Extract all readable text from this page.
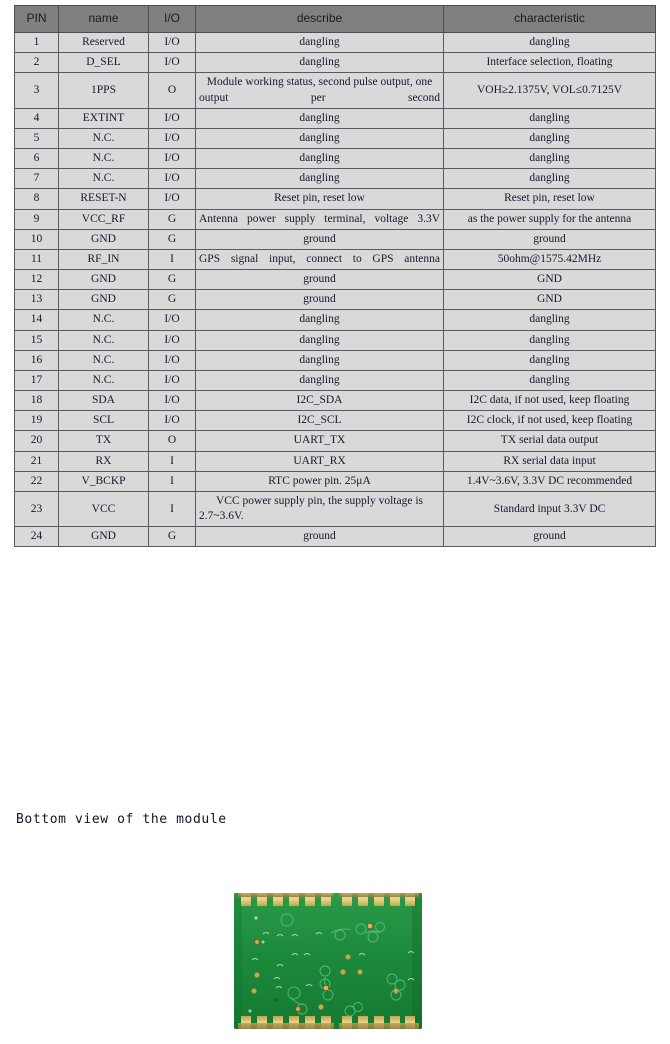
PIN	name	I/O	describe	characteristic
1	Reserved	I/O	dangling	dangling
2	D_SEL	I/O	dangling	Interface selection, floating
3	1PPS	O	Module working status, second pulse output, one output per second	VOH≥2.1375V, VOL≤0.7125V
4	EXTINT	I/O	dangling	dangling
5	N.C.	I/O	dangling	dangling
6	N.C.	I/O	dangling	dangling
7	N.C.	I/O	dangling	dangling
8	RESET-N	I/O	Reset pin, reset low	Reset pin, reset low
9	VCC_RF	G	Antenna power supply terminal, voltage 3.3V	as the power supply for the antenna
10	GND	G	ground	ground
11	RF_IN	I	GPS signal input, connect to GPS antenna	50ohm@1575.42MHz
12	GND	G	ground	GND
13	GND	G	ground	GND
14	N.C.	I/O	dangling	dangling
15	N.C.	I/O	dangling	dangling
16	N.C.	I/O	dangling	dangling
17	N.C.	I/O	dangling	dangling
18	SDA	I/O	I2C_SDA	I2C data, if not used, keep floating
19	SCL	I/O	I2C_SCL	I2C clock, if not used, keep floating
20	TX	O	UART_TX	TX serial data output
21	RX	I	UART_RX	RX serial data input
22	V_BCKP	I	RTC power pin. 25μA	1.4V~3.6V, 3.3V DC recommended
23	VCC	I	VCC power supply pin, the supply voltage is 2.7~3.6V.	Standard input 3.3V DC
24	GND	G	ground	ground
Bottom view of the module
